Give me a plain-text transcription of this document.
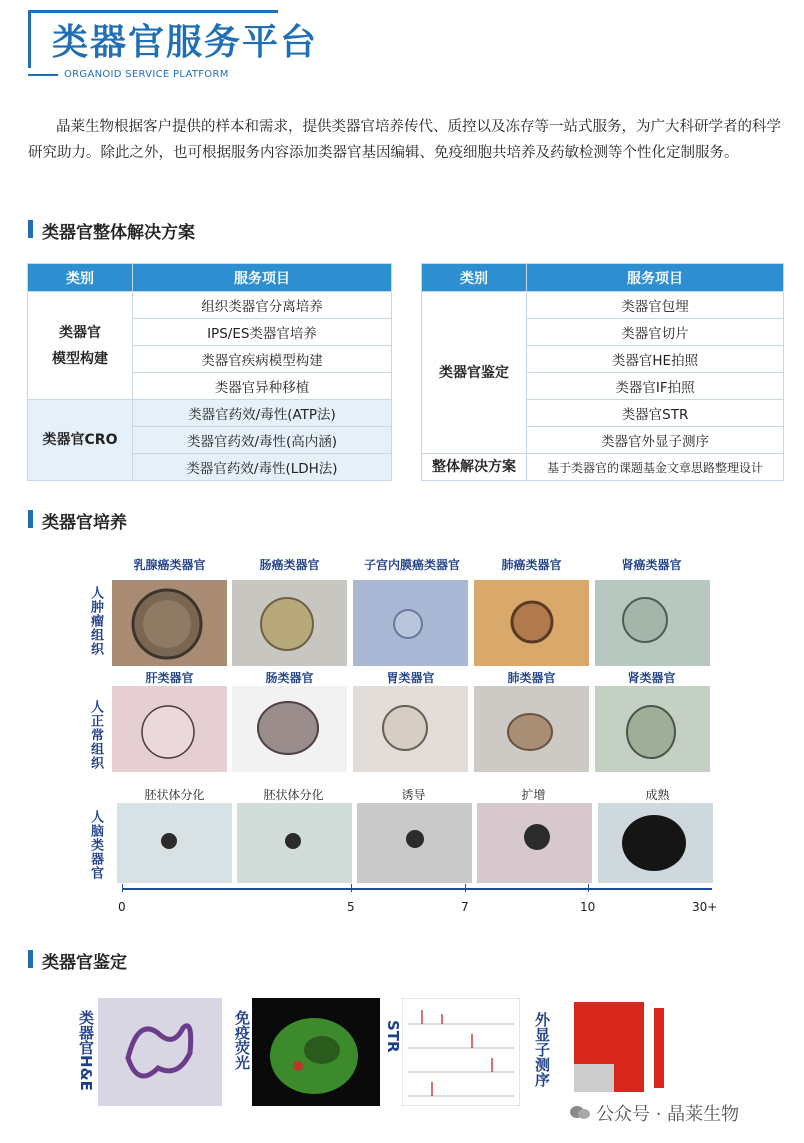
类器官服务平台
ORGANOID SERVICE PLATFORM
晶莱生物根据客户提供的样本和需求，提供类器官培养传代、质控以及冻存等一站式服务，为广大科研学者的科学研究助力。除此之外，也可根据服务内容添加类器官基因编辑、免疫细胞共培养及药敏检测等个性化定制服务。
类器官整体解决方案
类别	服务项目

类器官
模型构建	组织类器官分离培养
	IPS/ES类器官培养
	类器官疾病模型构建
	类器官异种移植
类器官CRO	类器官药效/毒性(ATP法)
	类器官药效/毒性(高内涵)
	类器官药效/毒性(LDH法)
类别	服务项目
类器官鉴定	类器官包埋
	类器官切片
	类器官HE拍照
	类器官IF拍照
	类器官STR
	类器官外显子测序
整体解决方案	基于类器官的课题基金文章思路整理设计
类器官培养
人肿瘤组织
人正常组织
人脑类器官
乳腺癌类器官	肠癌类器官	子宫内膜癌类器官	肺癌类器官	肾癌类器官
肝类器官	肠类器官	胃类器官	肺类器官	肾类器官
胚状体分化	胚状体分化	诱导	扩增	成熟
0	5	7	10	30+
类器官鉴定
类器官H&E	免疫荧光	STR	外显子测序
公众号 · 晶莱生物
